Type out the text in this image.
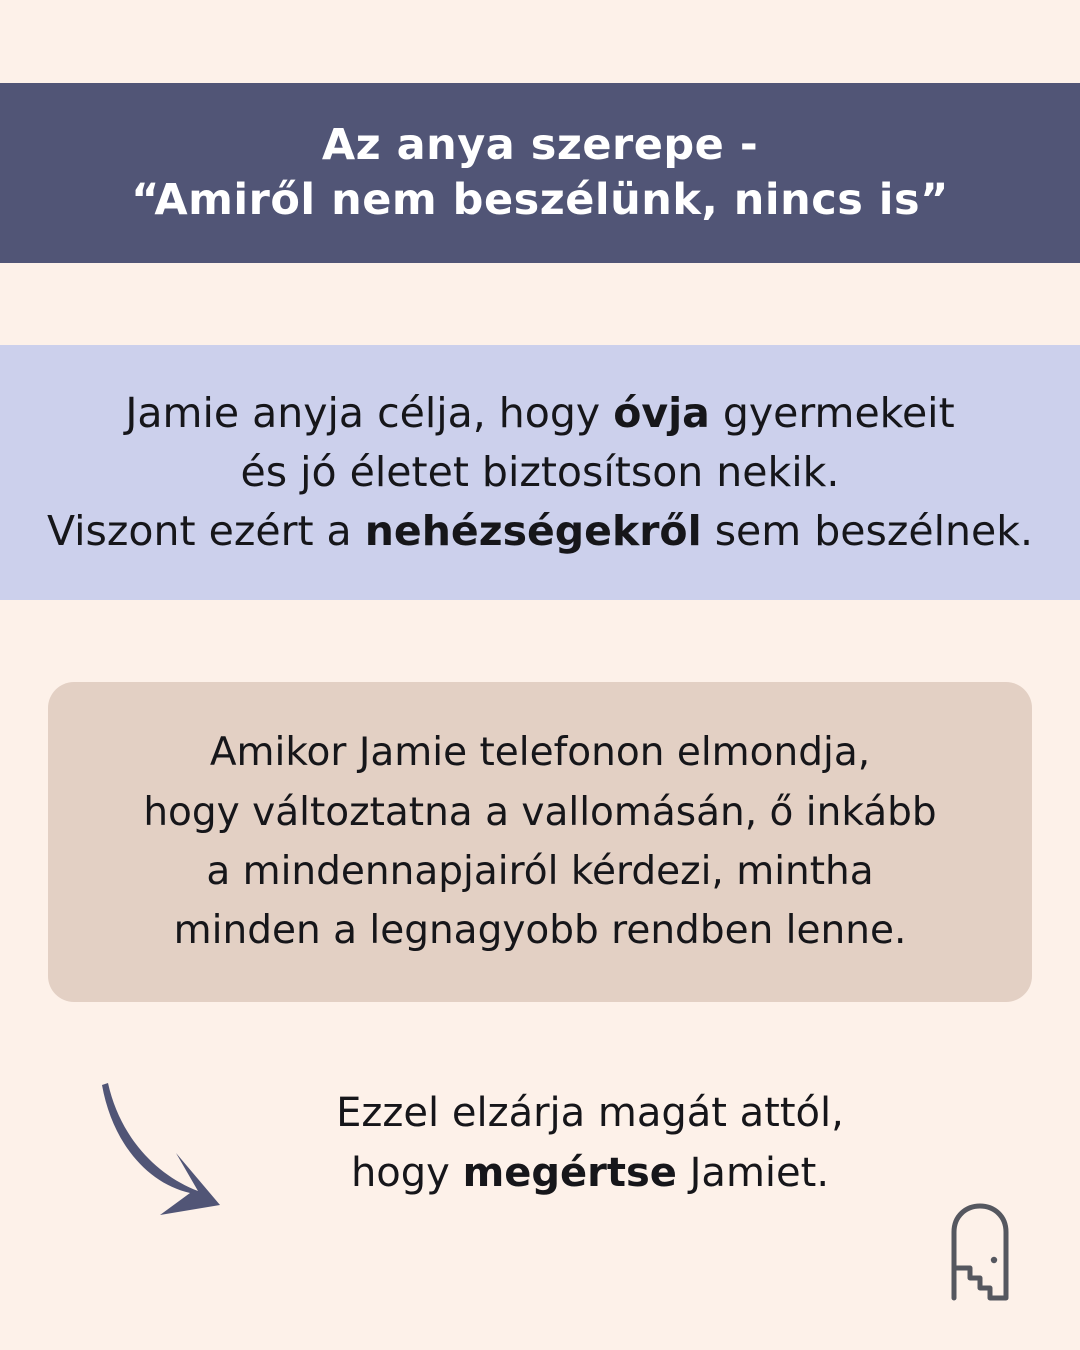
Az anya szerepe -
“Amiről nem beszélünk, nincs is”
Jamie anyja célja, hogy óvja gyermekeit
és jó életet biztosítson nekik.
Viszont ezért a nehézségekről sem beszélnek.
Amikor Jamie telefonon elmondja,
hogy változtatna a vallomásán, ő inkább
a mindennapjairól kérdezi, mintha
minden a legnagyobb rendben lenne.
Ezzel elzárja magát attól,
hogy megértse Jamiet.
